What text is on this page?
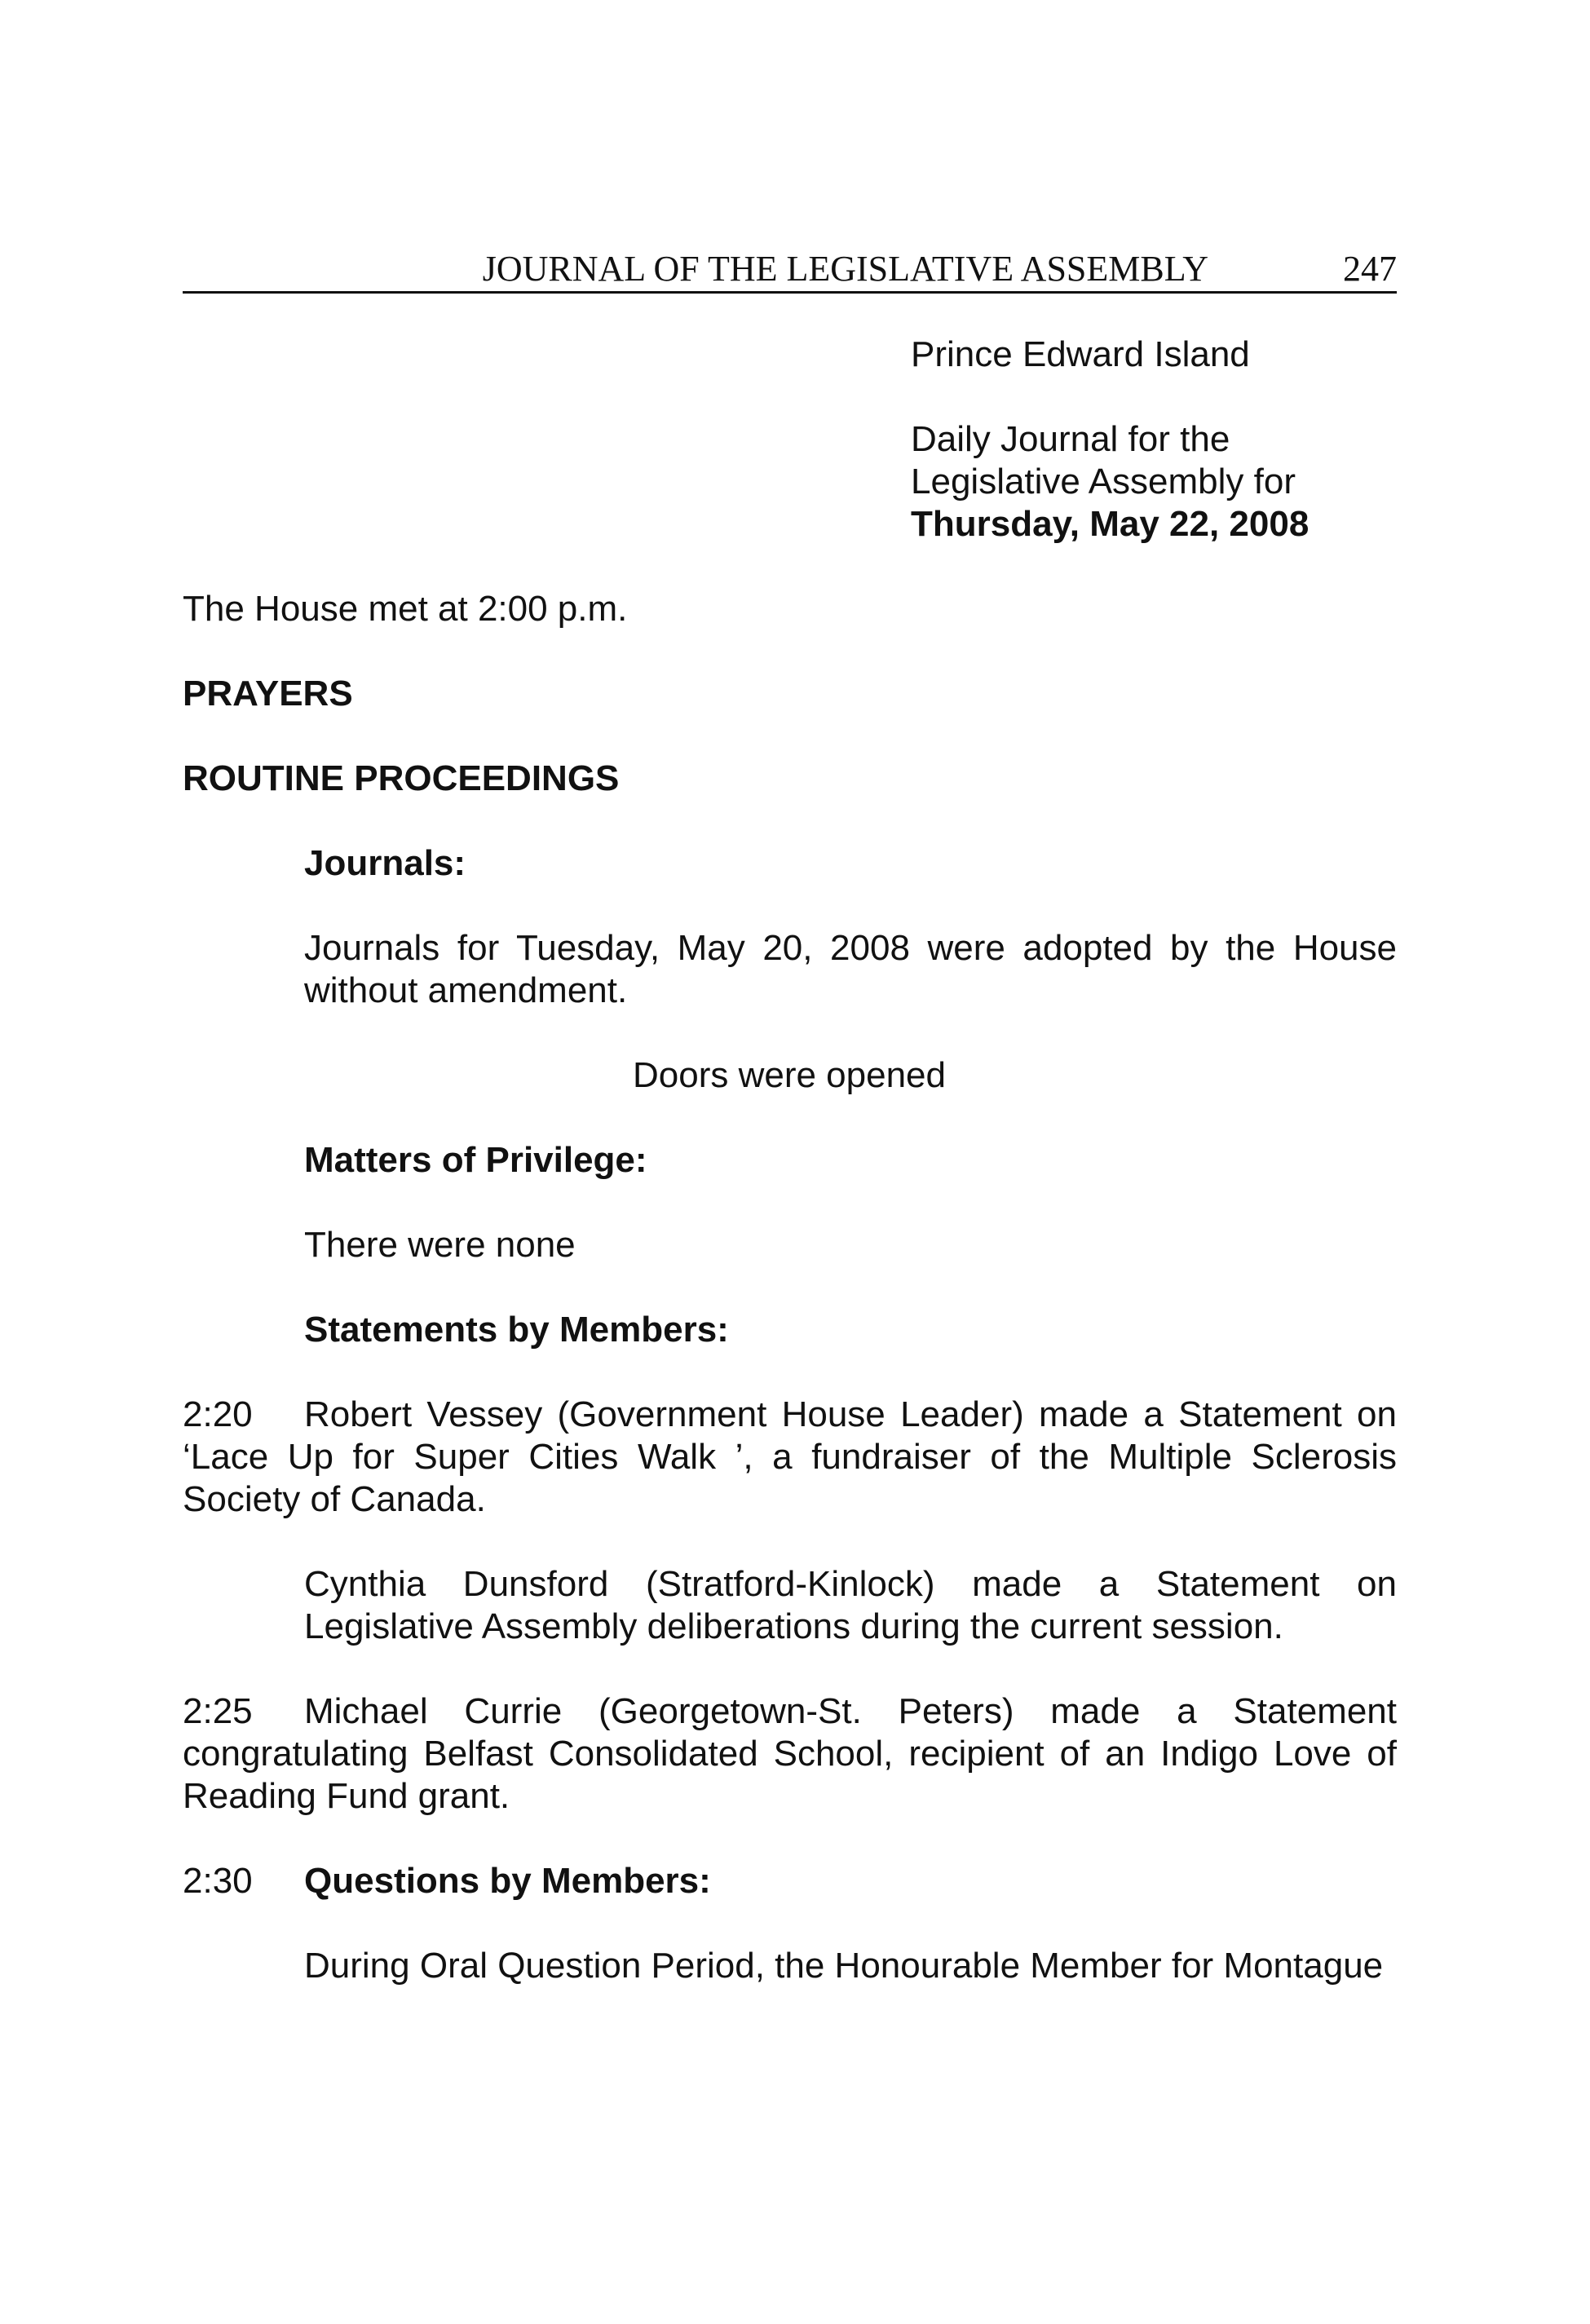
JOURNAL OF THE LEGISLATIVE ASSEMBLY	247
Prince Edward Island
Daily Journal for the
Legislative Assembly for
Thursday, May 22, 2008
The House met at 2:00 p.m.
PRAYERS
ROUTINE PROCEEDINGS
Journals:
Journals for Tuesday, May 20, 2008 were adopted by the House without amendment.
Doors were opened
Matters of Privilege:
There were none
Statements by Members:
2:20	Robert Vessey (Government House Leader) made a Statement on ‘Lace Up for Super Cities Walk ’, a fundraiser of the Multiple Sclerosis Society of Canada.
Cynthia Dunsford (Stratford-Kinlock) made a Statement on Legislative Assembly deliberations during the current session.
2:25	Michael Currie (Georgetown-St. Peters) made a Statement congratulating Belfast Consolidated School, recipient of an Indigo Love of Reading Fund grant.
2:30	Questions by Members:
During Oral Question Period, the Honourable Member for Montague
